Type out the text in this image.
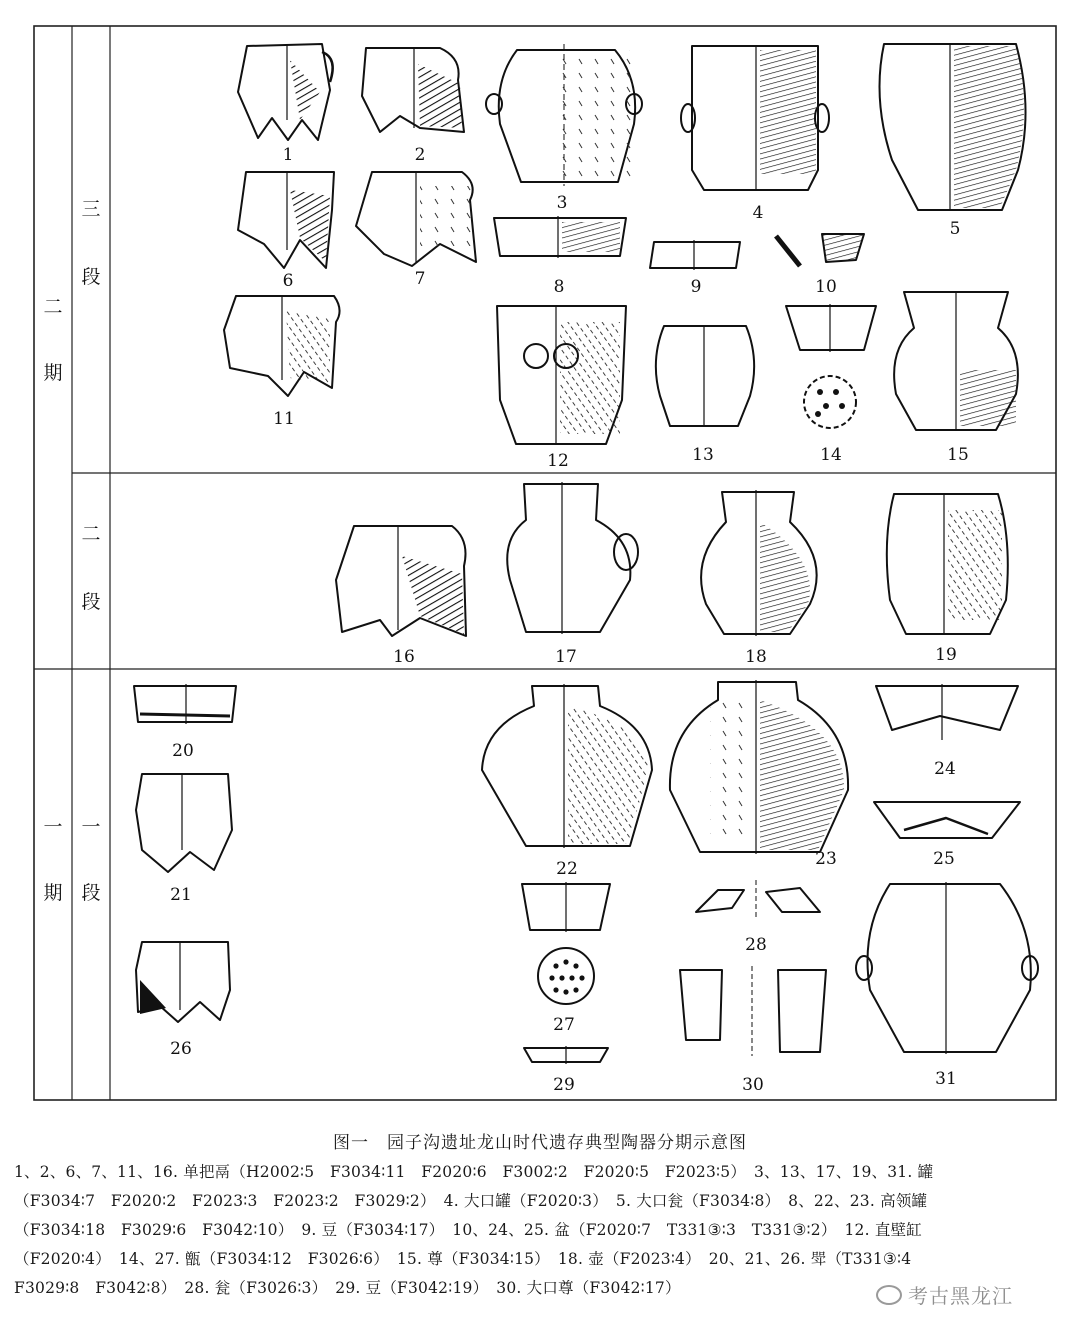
二
期
一
期
三
段
二
段
一
段
1	2
3	4
5
6	7	8	9	10
11
12	13	14	15
16	17	18	19
20
21
22	23
24
25
26
27
28
29	30	31
图一　园子沟遗址龙山时代遗存典型陶器分期示意图

1、2、6、7、11、16. 单把鬲（H2002∶5　F3034∶11　F2020∶6　F3002∶2　F2020∶5　F2023∶5）　3、13、17、19、31. 罐

（F3034∶7　F2020∶2　F2023∶3　F2023∶2　F3029∶2）　4. 大口罐（F2020∶3）　5. 大口瓮（F3034∶8）　8、22、23. 高领罐

（F3034∶18　F3029∶6　F3042∶10）　9. 豆（F3034∶17）　10、24、25. 盆（F2020∶7　T331③∶3　T331③∶2）　12. 直壁缸

（F2020∶4）　14、27. 甑（F3034∶12　F3026∶6）　15. 尊（F3034∶15）　18. 壶（F2023∶4）　20、21、26. 斝（T331③∶4

F3029∶8　F3042∶8）　28. 瓮（F3026∶3）　29. 豆（F3042∶19）　30. 大口尊（F3042∶17）	考古黑龙江
